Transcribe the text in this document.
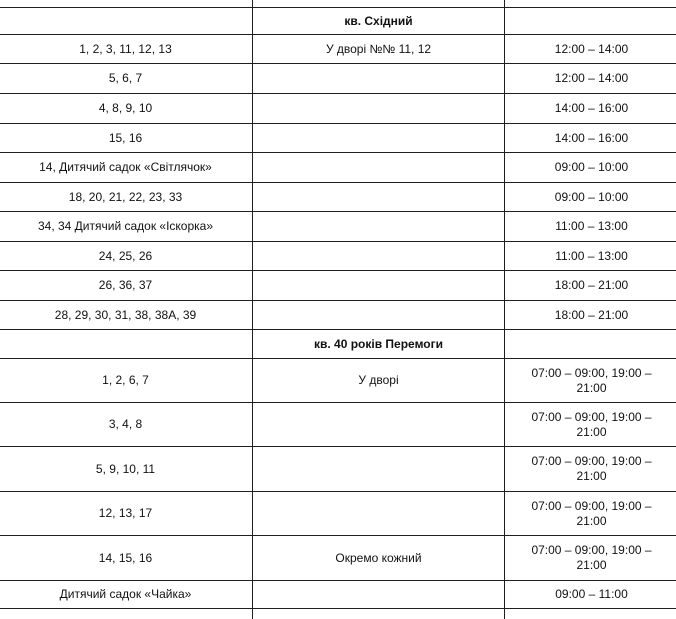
	кв. Східний	
1, 2, 3, 11, 12, 13	У дворі №№ 11, 12	12:00 – 14:00
5, 6, 7		12:00 – 14:00
4, 8, 9, 10		14:00 – 16:00
15, 16		14:00 – 16:00
14, Дитячий садок «Світлячок»		09:00 – 10:00
18, 20, 21, 22, 23, 33		09:00 – 10:00
34, 34 Дитячий садок «Іскорка»		11:00 – 13:00
24, 25, 26		11:00 – 13:00
26, 36, 37		18:00 – 21:00
28, 29, 30, 31, 38, 38А, 39		18:00 – 21:00
	кв. 40 років Перемоги	
1, 2, 6, 7	У дворі	07:00 – 09:00, 19:00 – 21:00
3, 4, 8		07:00 – 09:00, 19:00 – 21:00
5, 9, 10, 11		07:00 – 09:00, 19:00 – 21:00
12, 13, 17		07:00 – 09:00, 19:00 – 21:00
14, 15, 16	Окремо кожний	07:00 – 09:00, 19:00 – 21:00
Дитячий садок «Чайка»		09:00 – 11:00
